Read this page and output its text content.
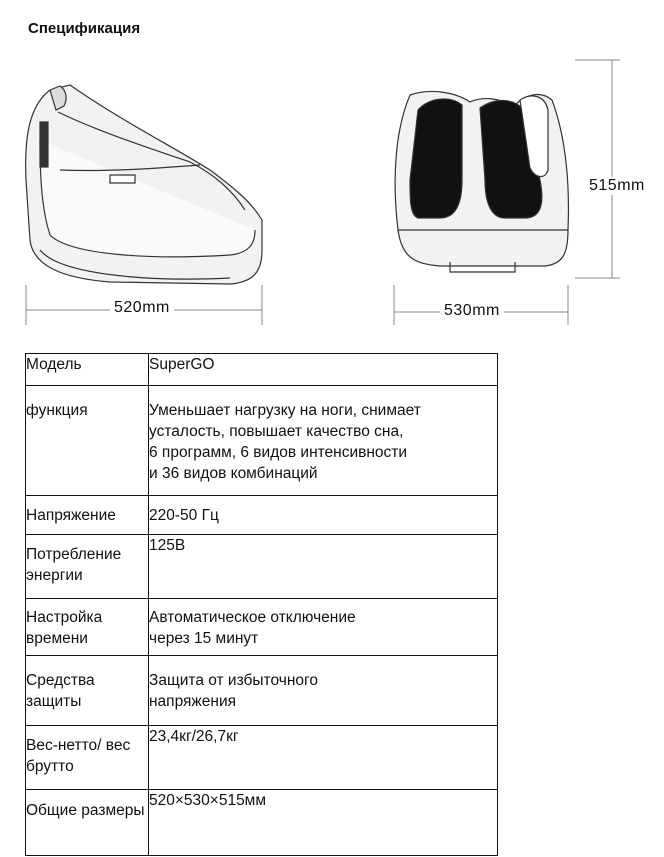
Спецификация
520mm	530mm
515mm
Модель	SuperGO
функция	Уменьшает нагрузку на ноги, снимает
усталость, повышает качество сна,
6 программ, 6 видов интенсивности
и 36 видов комбинаций
Напряжение	220-50 Гц
Потребление энергии	125В
Настройка времени	Автоматическое отключение
через 15 минут
Средства защиты	Защита от избыточного
напряжения
Вес-нетто/ вес брутто	23,4кг/26,7кг
Общие размеры	520×530×515мм
